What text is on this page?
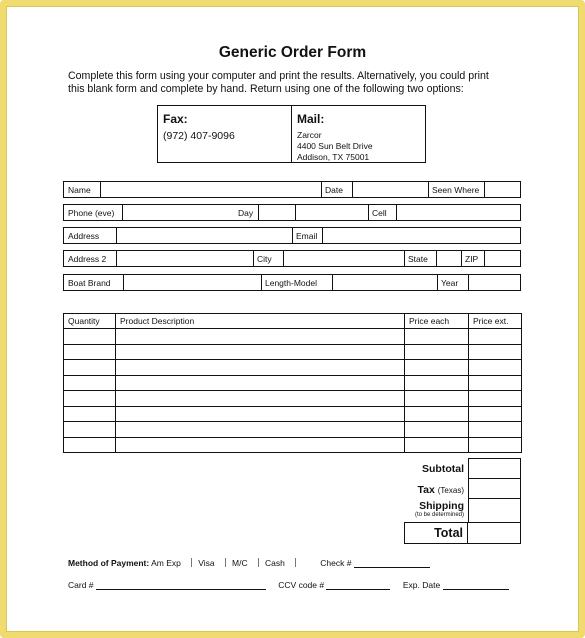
Generic Order Form
Complete this form using your computer and print the results. Alternatively, you could print
this blank form and complete by hand. Return using one of the following two options:
Fax:
(972) 407-9096
Mail:
Zarcor
4400 Sun Belt Drive
Addison, TX 75001
Name	Date	Seen Where
Phone (eve)	Day	Cell
Address	Email
Address 2	City	State	ZIP
Boat Brand	Length-Model	Year
Quantity	Product Description	Price each	Price ext.

Subtotal
Tax (Texas)
Shipping
(to be determined)
Total
Method of Payment: Am Exp Visa M/C Cash	Check #
Card #	CCV code #	Exp. Date
